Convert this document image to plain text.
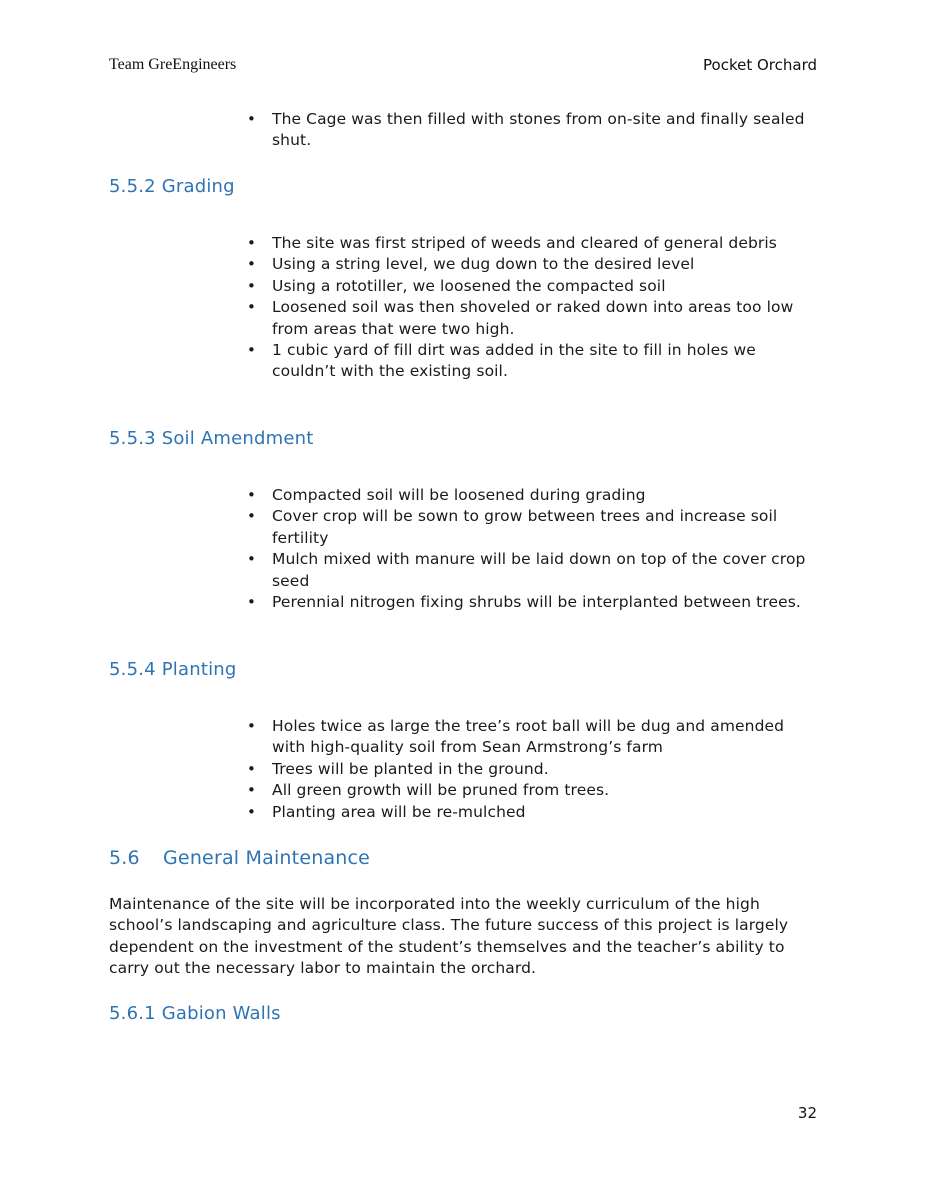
Team GreEngineers	Pocket Orchard
• The Cage was then filled with stones from on-site and finally sealed shut.
5.5.2 Grading
• The site was first striped of weeds and cleared of general debris
• Using a string level, we dug down to the desired level
• Using a rototiller, we loosened the compacted soil
• Loosened soil was then shoveled or raked down into areas too low from areas that were two high.
• 1 cubic yard of fill dirt was added in the site to fill in holes we couldn’t with the existing soil.
5.5.3 Soil Amendment
• Compacted soil will be loosened during grading
• Cover crop will be sown to grow between trees and increase soil fertility
• Mulch mixed with manure will be laid down on top of the cover crop seed
• Perennial nitrogen fixing shrubs will be interplanted between trees.
5.5.4 Planting
• Holes twice as large the tree’s root ball will be dug and amended with high-quality soil from Sean Armstrong’s farm
• Trees will be planted in the ground.
• All green growth will be pruned from trees.
• Planting area will be re-mulched
5.6 General Maintenance

Maintenance of the site will be incorporated into the weekly curriculum of the high school’s landscaping and agriculture class. The future success of this project is largely dependent on the investment of the student’s themselves and the teacher’s ability to carry out the necessary labor to maintain the orchard.

5.6.1 Gabion Walls
32
